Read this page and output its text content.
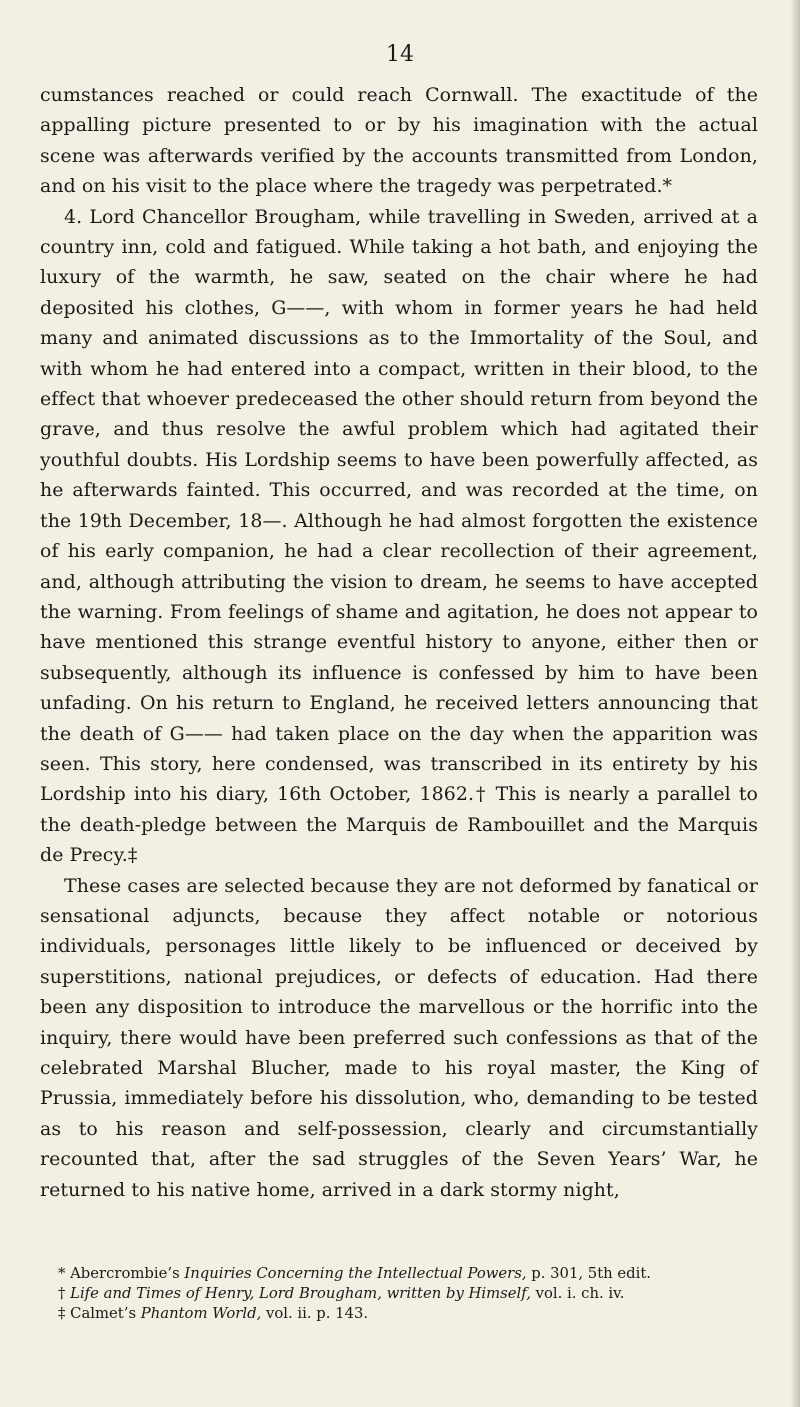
14

cumstances reached or could reach Cornwall. The exactitude of the appalling picture presented to or by his imagination with the actual scene was afterwards verified by the accounts transmitted from London, and on his visit to the place where the tragedy was perpetrated.*

4. Lord Chancellor Brougham, while travelling in Sweden, arrived at a country inn, cold and fatigued. While taking a hot bath, and enjoying the luxury of the warmth, he saw, seated on the chair where he had deposited his clothes, G——, with whom in former years he had held many and animated discussions as to the Immortality of the Soul, and with whom he had entered into a compact, written in their blood, to the effect that whoever predeceased the other should return from beyond the grave, and thus resolve the awful problem which had agitated their youthful doubts. His Lordship seems to have been powerfully affected, as he afterwards fainted. This occurred, and was recorded at the time, on the 19th December, 18—. Although he had almost forgotten the existence of his early companion, he had a clear recollection of their agreement, and, although attributing the vision to dream, he seems to have accepted the warning. From feelings of shame and agitation, he does not appear to have mentioned this strange eventful history to anyone, either then or subsequently, although its influence is confessed by him to have been unfading. On his return to England, he received letters announcing that the death of G—— had taken place on the day when the apparition was seen. This story, here condensed, was transcribed in its entirety by his Lordship into his diary, 16th October, 1862.† This is nearly a parallel to the death-pledge between the Marquis de Rambouillet and the Marquis de Precy.‡

These cases are selected because they are not deformed by fanatical or sensational adjuncts, because they affect notable or notorious individuals, personages little likely to be influenced or deceived by superstitions, national prejudices, or defects of education. Had there been any disposition to introduce the marvellous or the horrific into the inquiry, there would have been preferred such confessions as that of the celebrated Marshal Blucher, made to his royal master, the King of Prussia, immediately before his dissolution, who, demanding to be tested as to his reason and self-possession, clearly and circumstantially recounted that, after the sad struggles of the Seven Years’ War, he returned to his native home, arrived in a dark stormy night,

* Abercrombie’s Inquiries Concerning the Intellectual Powers, p. 301, 5th edit.
† Life and Times of Henry, Lord Brougham, written by Himself, vol. i. ch. iv.
‡ Calmet’s Phantom World, vol. ii. p. 143.
